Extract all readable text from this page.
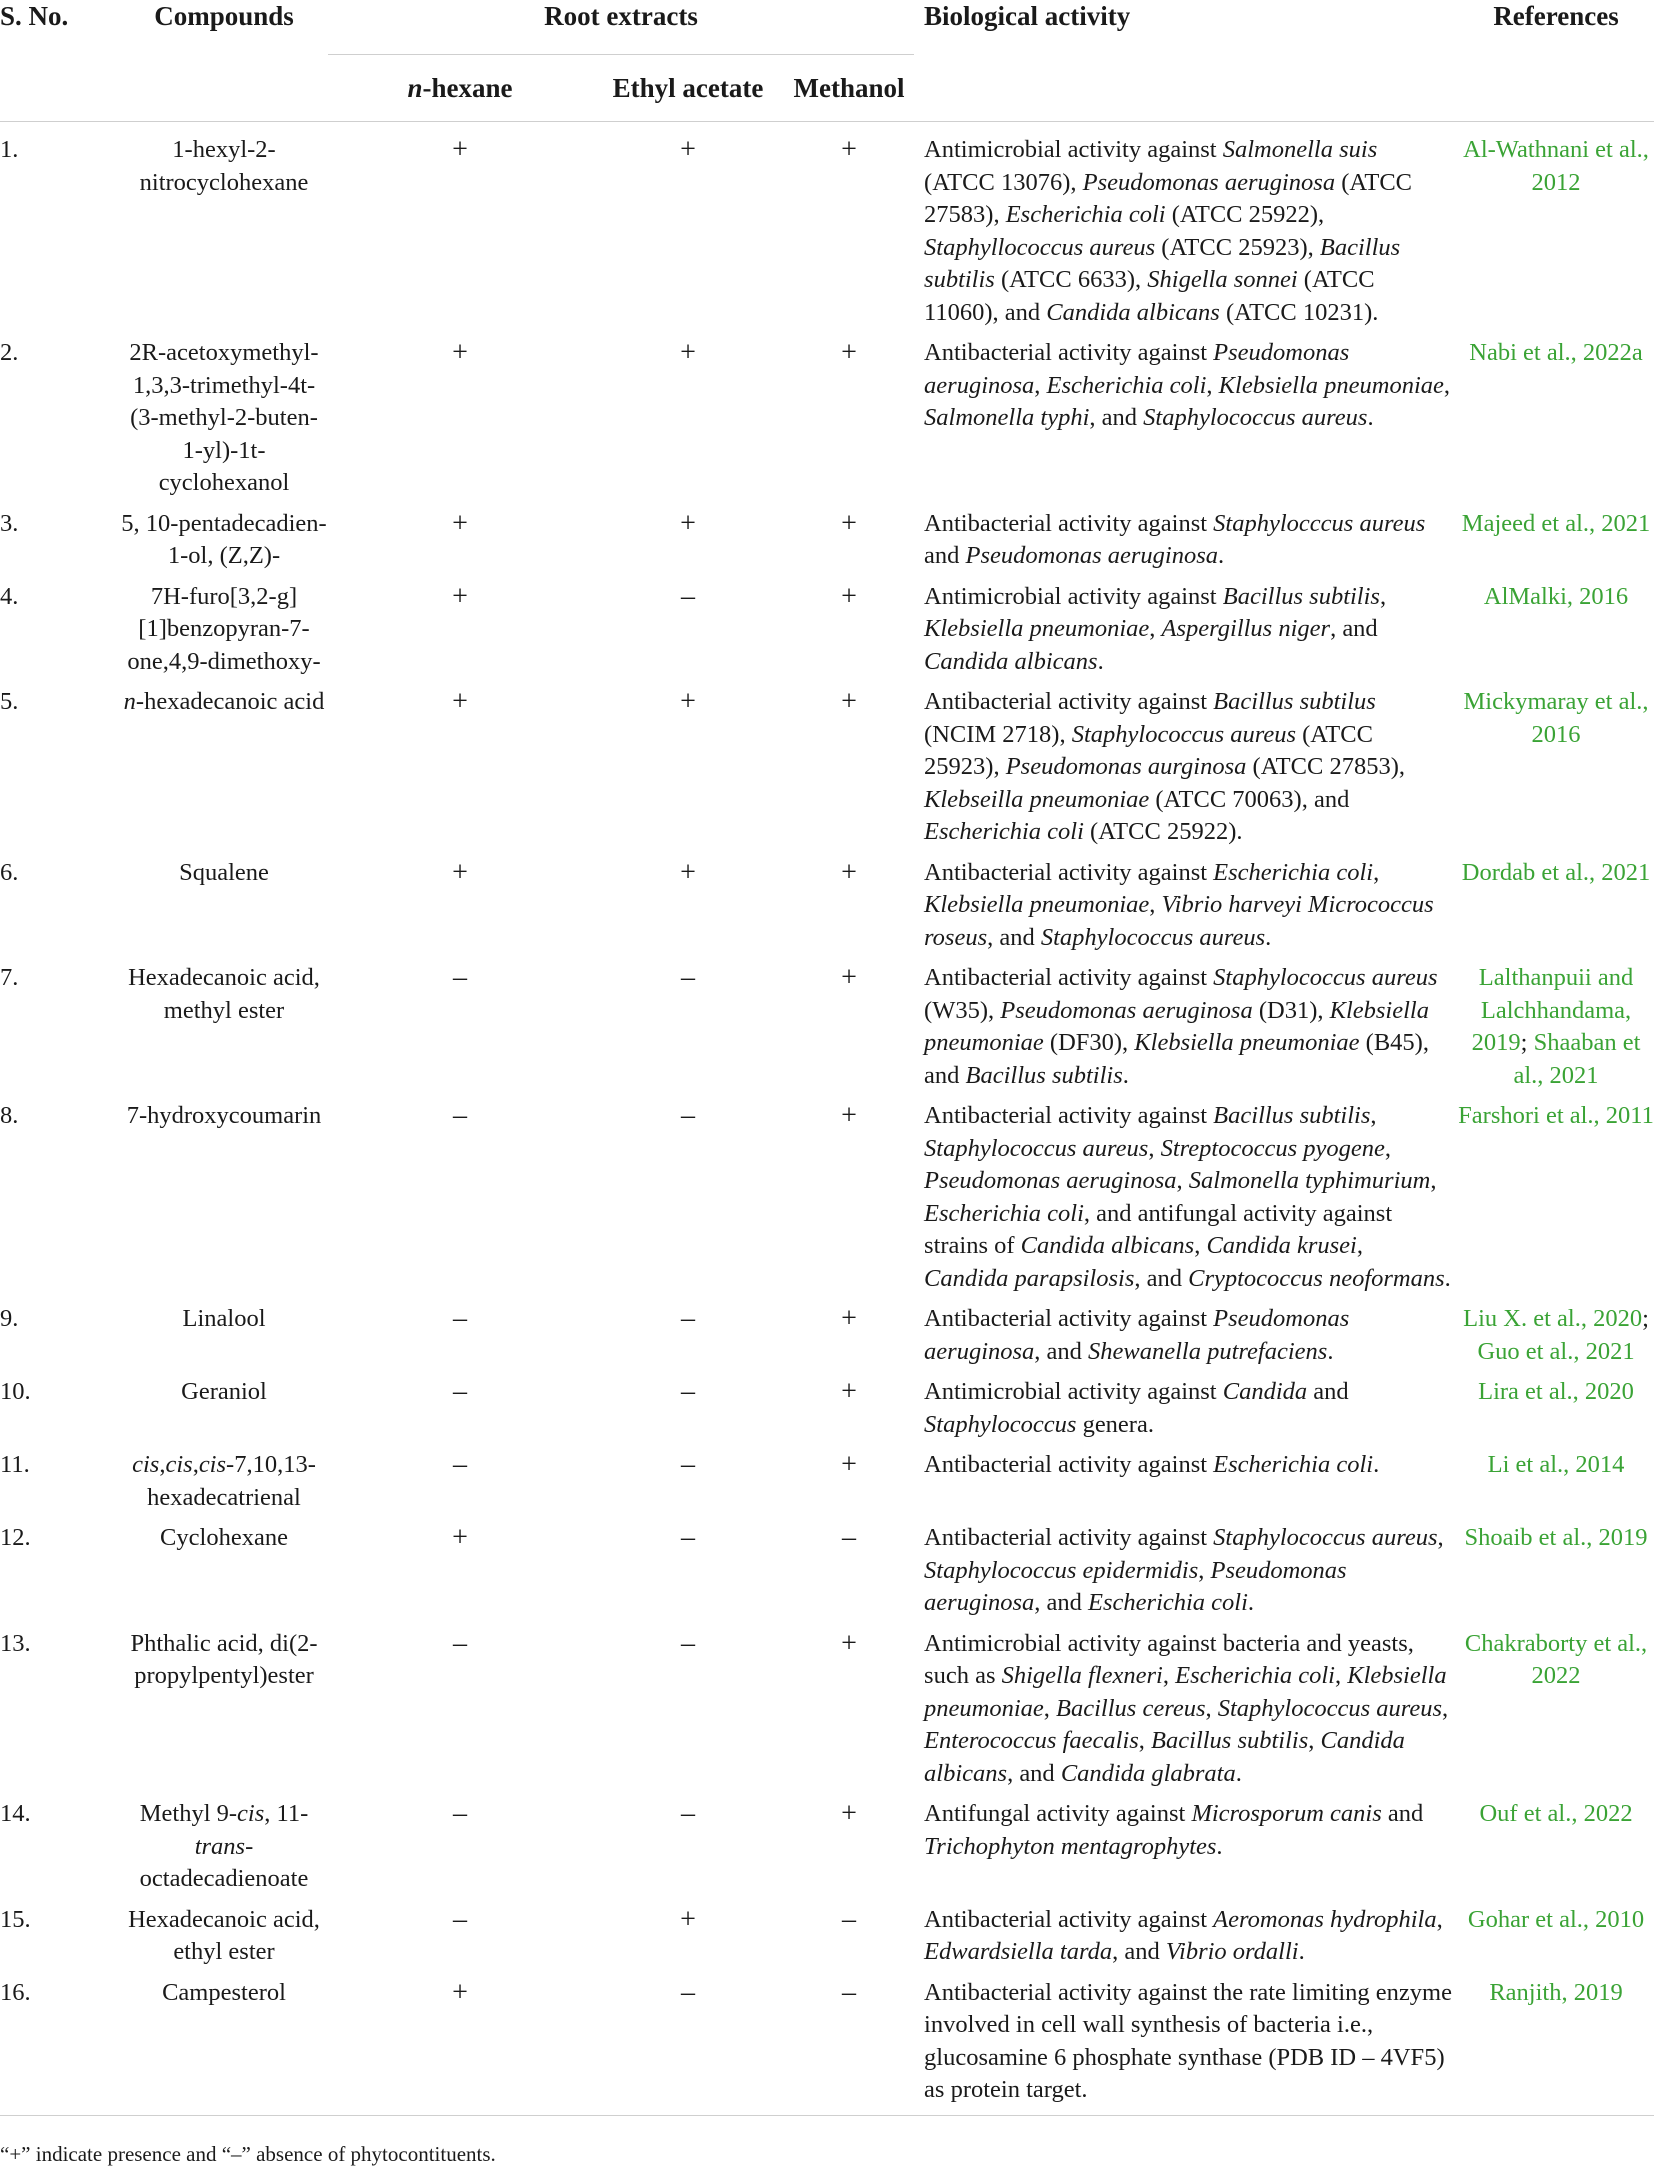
S. No.	Compounds	Root extracts			Biological activity	References
		n-hexane	Ethyl acetate	Methanol		
1.	1-hexyl-2-nitrocyclohexane	+	+	+	Antimicrobial activity against Salmonella suis (ATCC 13076), Pseudomonas aeruginosa (ATCC 27583), Escherichia coli (ATCC 25922), Staphyllococcus aureus (ATCC 25923), Bacillus subtilis (ATCC 6633), Shigella sonnei (ATCC 11060), and Candida albicans (ATCC 10231).	Al-Wathnani et al., 2012
2.	2R-acetoxymethyl-1,3,3-trimethyl-4t-(3-methyl-2-buten-1-yl)-1t-cyclohexanol	+	+	+	Antibacterial activity against Pseudomonas aeruginosa, Escherichia coli, Klebsiella pneumoniae, Salmonella typhi, and Staphylococcus aureus.	Nabi et al., 2022a
3.	5, 10-pentadecadien-1-ol, (Z,Z)-	+	+	+	Antibacterial activity against Staphylocccus aureus and Pseudomonas aeruginosa.	Majeed et al., 2021
4.	7H-furo[3,2-g][1]benzopyran-7-one,4,9-dimethoxy-	+	–	+	Antimicrobial activity against Bacillus subtilis, Klebsiella pneumoniae, Aspergillus niger, and Candida albicans.	AlMalki, 2016
5.	n-hexadecanoic acid	+	+	+	Antibacterial activity against Bacillus subtilus (NCIM 2718), Staphylococcus aureus (ATCC 25923), Pseudomonas aurginosa (ATCC 27853), Klebseilla pneumoniae (ATCC 70063), and Escherichia coli (ATCC 25922).	Mickymaray et al., 2016
6.	Squalene	+	+	+	Antibacterial activity against Escherichia coli, Klebsiella pneumoniae, Vibrio harveyi Micrococcus roseus, and Staphylococcus aureus.	Dordab et al., 2021
7.	Hexadecanoic acid, methyl ester	–	–	+	Antibacterial activity against Staphylococcus aureus (W35), Pseudomonas aeruginosa (D31), Klebsiella pneumoniae (DF30), Klebsiella pneumoniae (B45), and Bacillus subtilis.	Lalthanpuii and Lalchhandama, 2019; Shaaban et al., 2021
8.	7-hydroxycoumarin	–	–	+	Antibacterial activity against Bacillus subtilis, Staphylococcus aureus, Streptococcus pyogene, Pseudomonas aeruginosa, Salmonella typhimurium, Escherichia coli, and antifungal activity against strains of Candida albicans, Candida krusei, Candida parapsilosis, and Cryptococcus neoformans.	Farshori et al., 2011
9.	Linalool	–	–	+	Antibacterial activity against Pseudomonas aeruginosa, and Shewanella putrefaciens.	Liu X. et al., 2020; Guo et al., 2021
10.	Geraniol	–	–	+	Antimicrobial activity against Candida and Staphylococcus genera.	Lira et al., 2020
11.	cis,cis,cis-7,10,13-hexadecatrienal	–	–	+	Antibacterial activity against Escherichia coli.	Li et al., 2014
12.	Cyclohexane	+	–	–	Antibacterial activity against Staphylococcus aureus, Staphylococcus epidermidis, Pseudomonas aeruginosa, and Escherichia coli.	Shoaib et al., 2019
13.	Phthalic acid, di(2-propylpentyl)ester	–	–	+	Antimicrobial activity against bacteria and yeasts, such as Shigella flexneri, Escherichia coli, Klebsiella pneumoniae, Bacillus cereus, Staphylococcus aureus, Enterococcus faecalis, Bacillus subtilis, Candida albicans, and Candida glabrata.	Chakraborty et al., 2022
14.	Methyl 9-cis, 11-trans-octadecadienoate	–	–	+	Antifungal activity against Microsporum canis and Trichophyton mentagrophytes.	Ouf et al., 2022
15.	Hexadecanoic acid, ethyl ester	–	+	–	Antibacterial activity against Aeromonas hydrophila, Edwardsiella tarda, and Vibrio ordalli.	Gohar et al., 2010
16.	Campesterol	+	–	–	Antibacterial activity against the rate limiting enzyme involved in cell wall synthesis of bacteria i.e., glucosamine 6 phosphate synthase (PDB ID – 4VF5) as protein target.	Ranjith, 2019
“+” indicate presence and “–” absence of phytocontituents.
